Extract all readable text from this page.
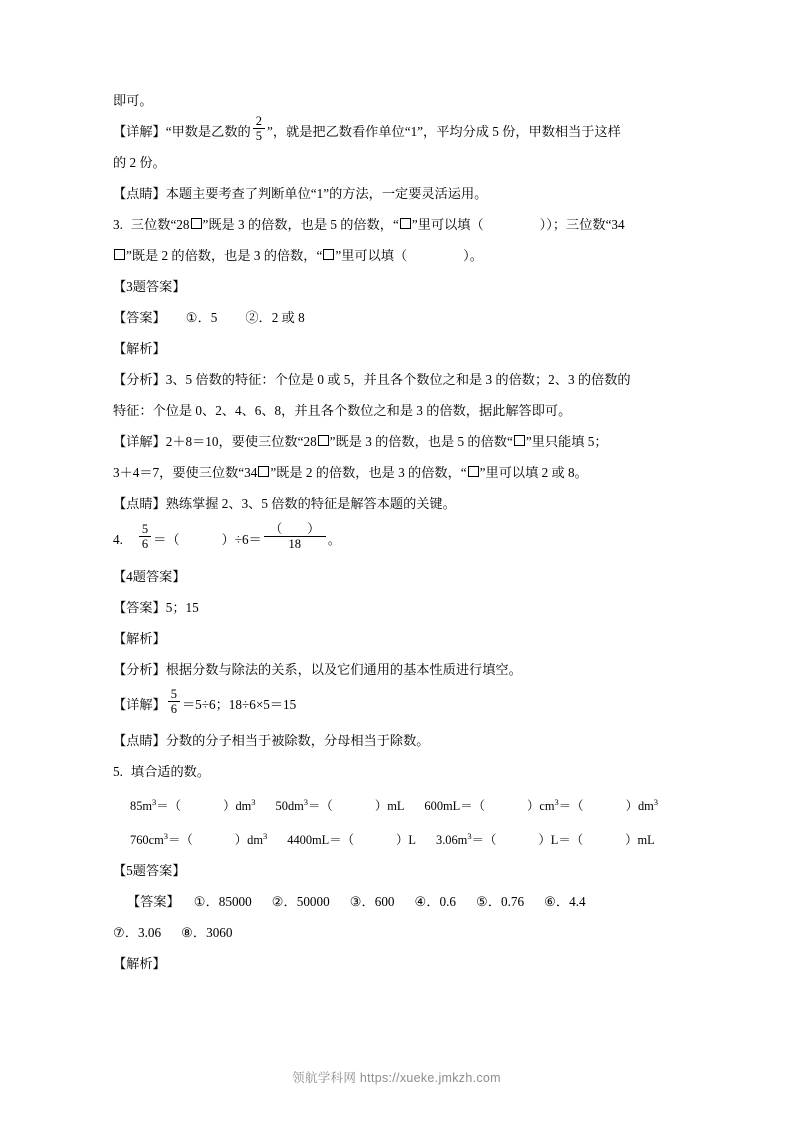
即可。

【详解】“甲数是乙数的 $\frac{2}{5}$ ”，就是把乙数看作单位“1”，平均分成 5 份，甲数相当于这样

的 2 份。

【点睛】本题主要考查了判断单位“1”的方法，一定要灵活运用。

3. 三位数“28 ”既是 3 的倍数，也是 5 的倍数，“ ”里可以填（	））；三位数“34

”既是 2 的倍数，也是 3 的倍数，“ ”里可以填（	）。

【3题答案】

【答案】 ①．5 ②．2 或 8

【解析】

【分析】3、5 倍数的特征：个位是 0 或 5，并且各个数位之和是 3 的倍数；2、3 的倍数的

特征：个位是 0、2、4、6、8，并且各个数位之和是 3 的倍数，据此解答即可。

【详解】2＋8＝10，要使三位数“28 ”既是 3 的倍数，也是 5 的倍数“ ”里只能填 5；

3＋4＝7，要使三位数“34 ”既是 2 的倍数，也是 3 的倍数，“ ”里可以填 2 或 8。

【点睛】熟练掌握 2、3、5 倍数的特征是解答本题的关键。

4. $\frac{5}{6}$ ＝（	）$\div 6= \frac{( )}{18}$ 。

【4题答案】

【答案】5；15

【解析】

【分析】根据分数与除法的关系，以及它们通用的基本性质进行填空。

【详解】 $\frac{5}{6} =5\div 6$；18÷6×5＝15

【点睛】分数的分子相当于被除数，分母相当于除数。

5. 填合适的数。

$85m^3=$（	）$dm^3$ $50dm^3=$（	）mL 600mL＝（	）$cm^3=$（	）$dm^3$

$760cm^3=$（	）$dm^3$ 4400mL＝（	）L $3.06m^3=$（	）L＝（	）mL

【5题答案】

【答案】 ①．85000 ②．50000 ③．600 ④．0.6 ⑤．0.76 ⑥．4.4

⑦．3.06 ⑧．3060

【解析】

领航学科网 https://xueke.jmkzh.com
